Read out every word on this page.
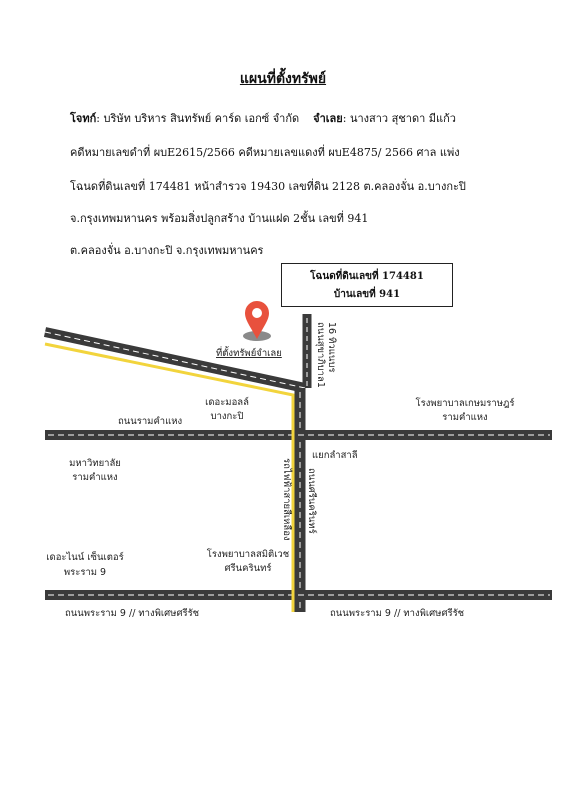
แผนที่ตั้งทรัพย์
โจทก์: บริษัท บริหาร สินทรัพย์ คาร์ด เอกซ์ จำกัด จำเลย: นางสาว สุชาดา มีแก้ว
คดีหมายเลขดำที่ ผบE2615/2566 คดีหมายเลขแดงที่ ผบE4875/ 2566 ศาล แพ่ง
โฉนดที่ดินเลขที่ 174481 หน้าสำรวจ 19430 เลขที่ดิน 2128 ต.คลองจั่น อ.บางกะปิ
จ.กรุงเทพมหานคร พร้อมสิ่งปลูกสร้าง บ้านแฝด 2ชั้น เลขที่ 941
ต.คลองจั่น อ.บางกะปิ จ.กรุงเทพมหานคร
ที่ตั้งทรัพย์จำเลย	ถนนสุขาภิบาล1 16 ทิวแนบร
เดอะมอลล์
บางกะปิ
ถนนรามคำแหง
โรงพยาบาลเกษมราษฎร์
รามคำแหง
แยกลำสาลี
มหาวิทยาลัย
รามคำแหง	รถไฟฟ้าสายสีเหลือง ถนนศรีนครินทร์
โรงพยาบาลสมิติเวช
ศรีนครินทร์
เดอะไนน์ เซ็นเตอร์
พระราม 9
ถนนพระราม 9 // ทางพิเศษศรีรัช	ถนนพระราม 9 // ทางพิเศษศรีรัช
โฉนดที่ดินเลขที่ 174481
บ้านเลขที่ 941
